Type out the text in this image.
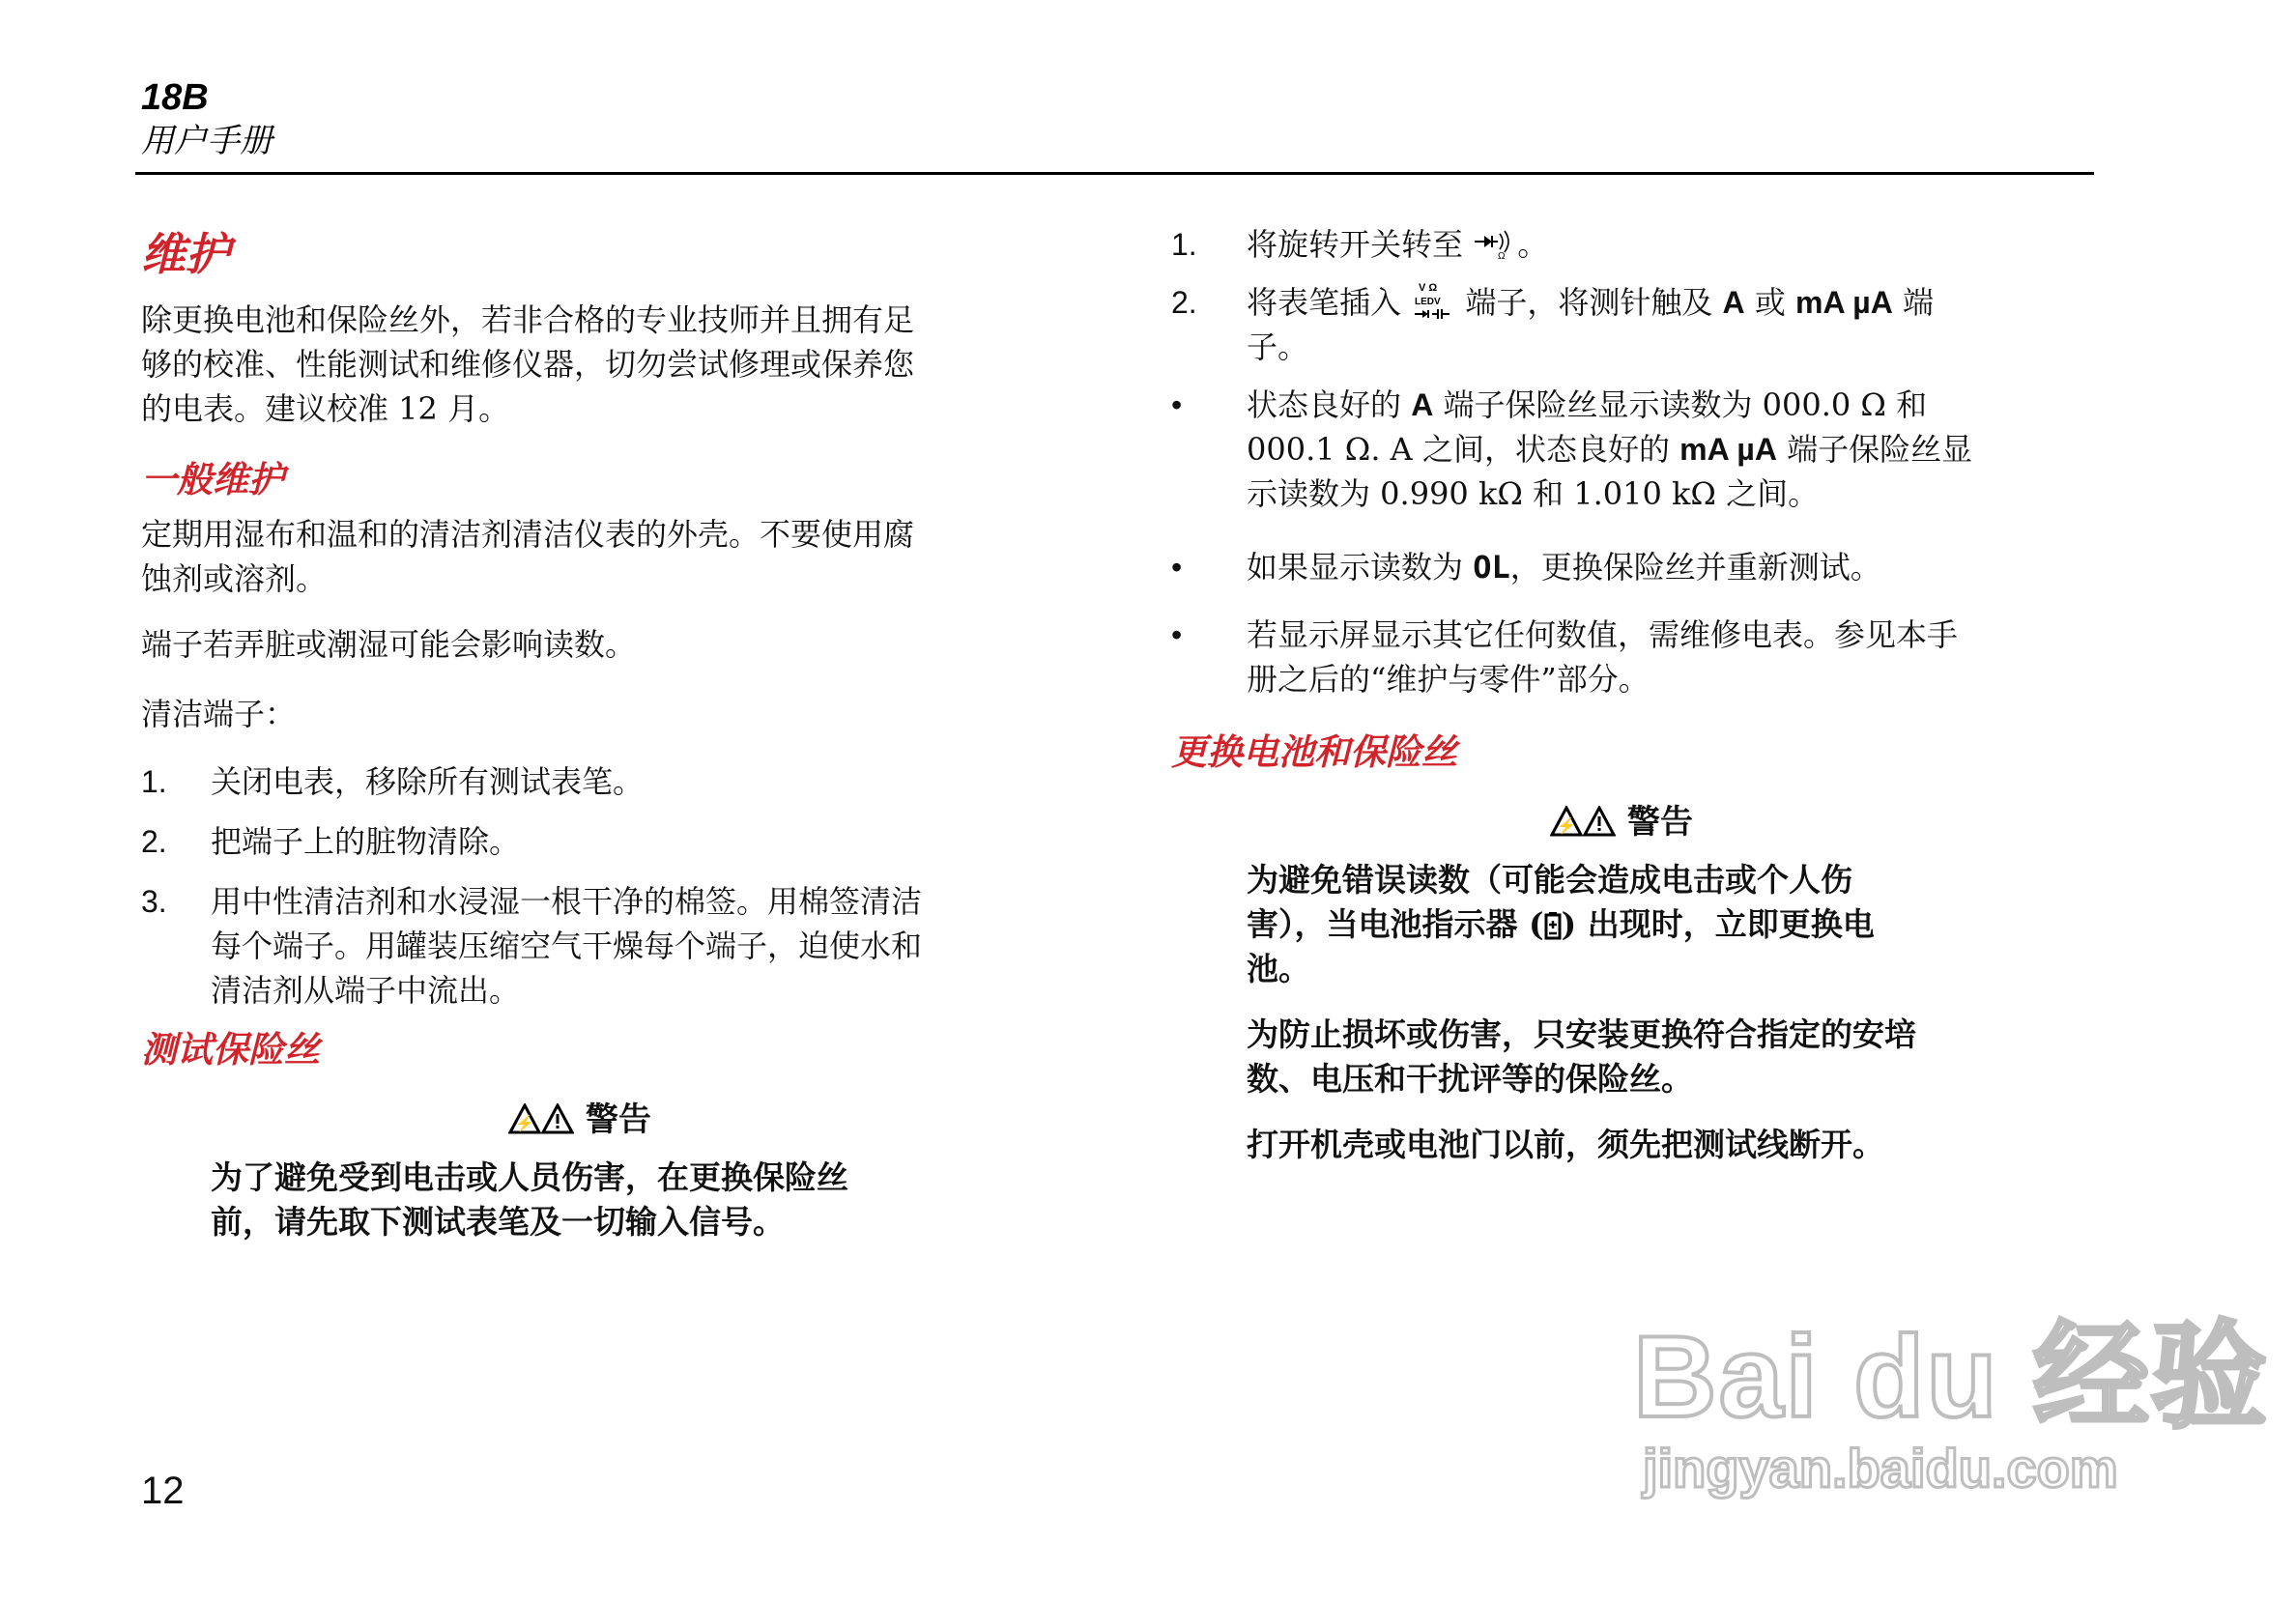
18B
用户手册
维护
除更换电池和保险丝外，若非合格的专业技师并且拥有足
够的校准、性能测试和维修仪器，切勿尝试修理或保养您
的电表。建议校准 12 月。
一般维护
定期用湿布和温和的清洁剂清洁仪表的外壳。不要使用腐
蚀剂或溶剂。
端子若弄脏或潮湿可能会影响读数。
清洁端子：
1. 关闭电表，移除所有测试表笔。
2. 把端子上的脏物清除。
3. 用中性清洁剂和水浸湿一根干净的棉签。用棉签清洁
每个端子。用罐装压缩空气干燥每个端子，迫使水和
清洁剂从端子中流出。
测试保险丝
⚡ 警告
为了避免受到电击或人员伤害，在更换保险丝
前，请先取下测试表笔及一切输入信号。
1. 将旋转开关转至	Ω 。
2. 将表笔插入 V Ω
LEDV 端子，将测针触及 A 或 mA µA 端
子。
• 状态良好的 A 端子保险丝显示读数为 000.0 Ω 和
000.1 Ω. A 之间，状态良好的 mA µA 端子保险丝显
示读数为 0.990 kΩ 和 1.010 kΩ 之间。
• 如果显示读数为 OL，更换保险丝并重新测试。
• 若显示屏显示其它任何数值，需维修电表。参见本手
册之后的“维护与零件”部分。
更换电池和保险丝
⚡ 警告
为避免错误读数（可能会造成电击或个人伤
害），当电池指示器 ( ) 出现时，立即更换电
池。
为防止损坏或伤害，只安装更换符合指定的安培
数、电压和干扰评等的保险丝。
打开机壳或电池门以前，须先把测试线断开。
12
Bai du 经验
jingyan.baidu.com
